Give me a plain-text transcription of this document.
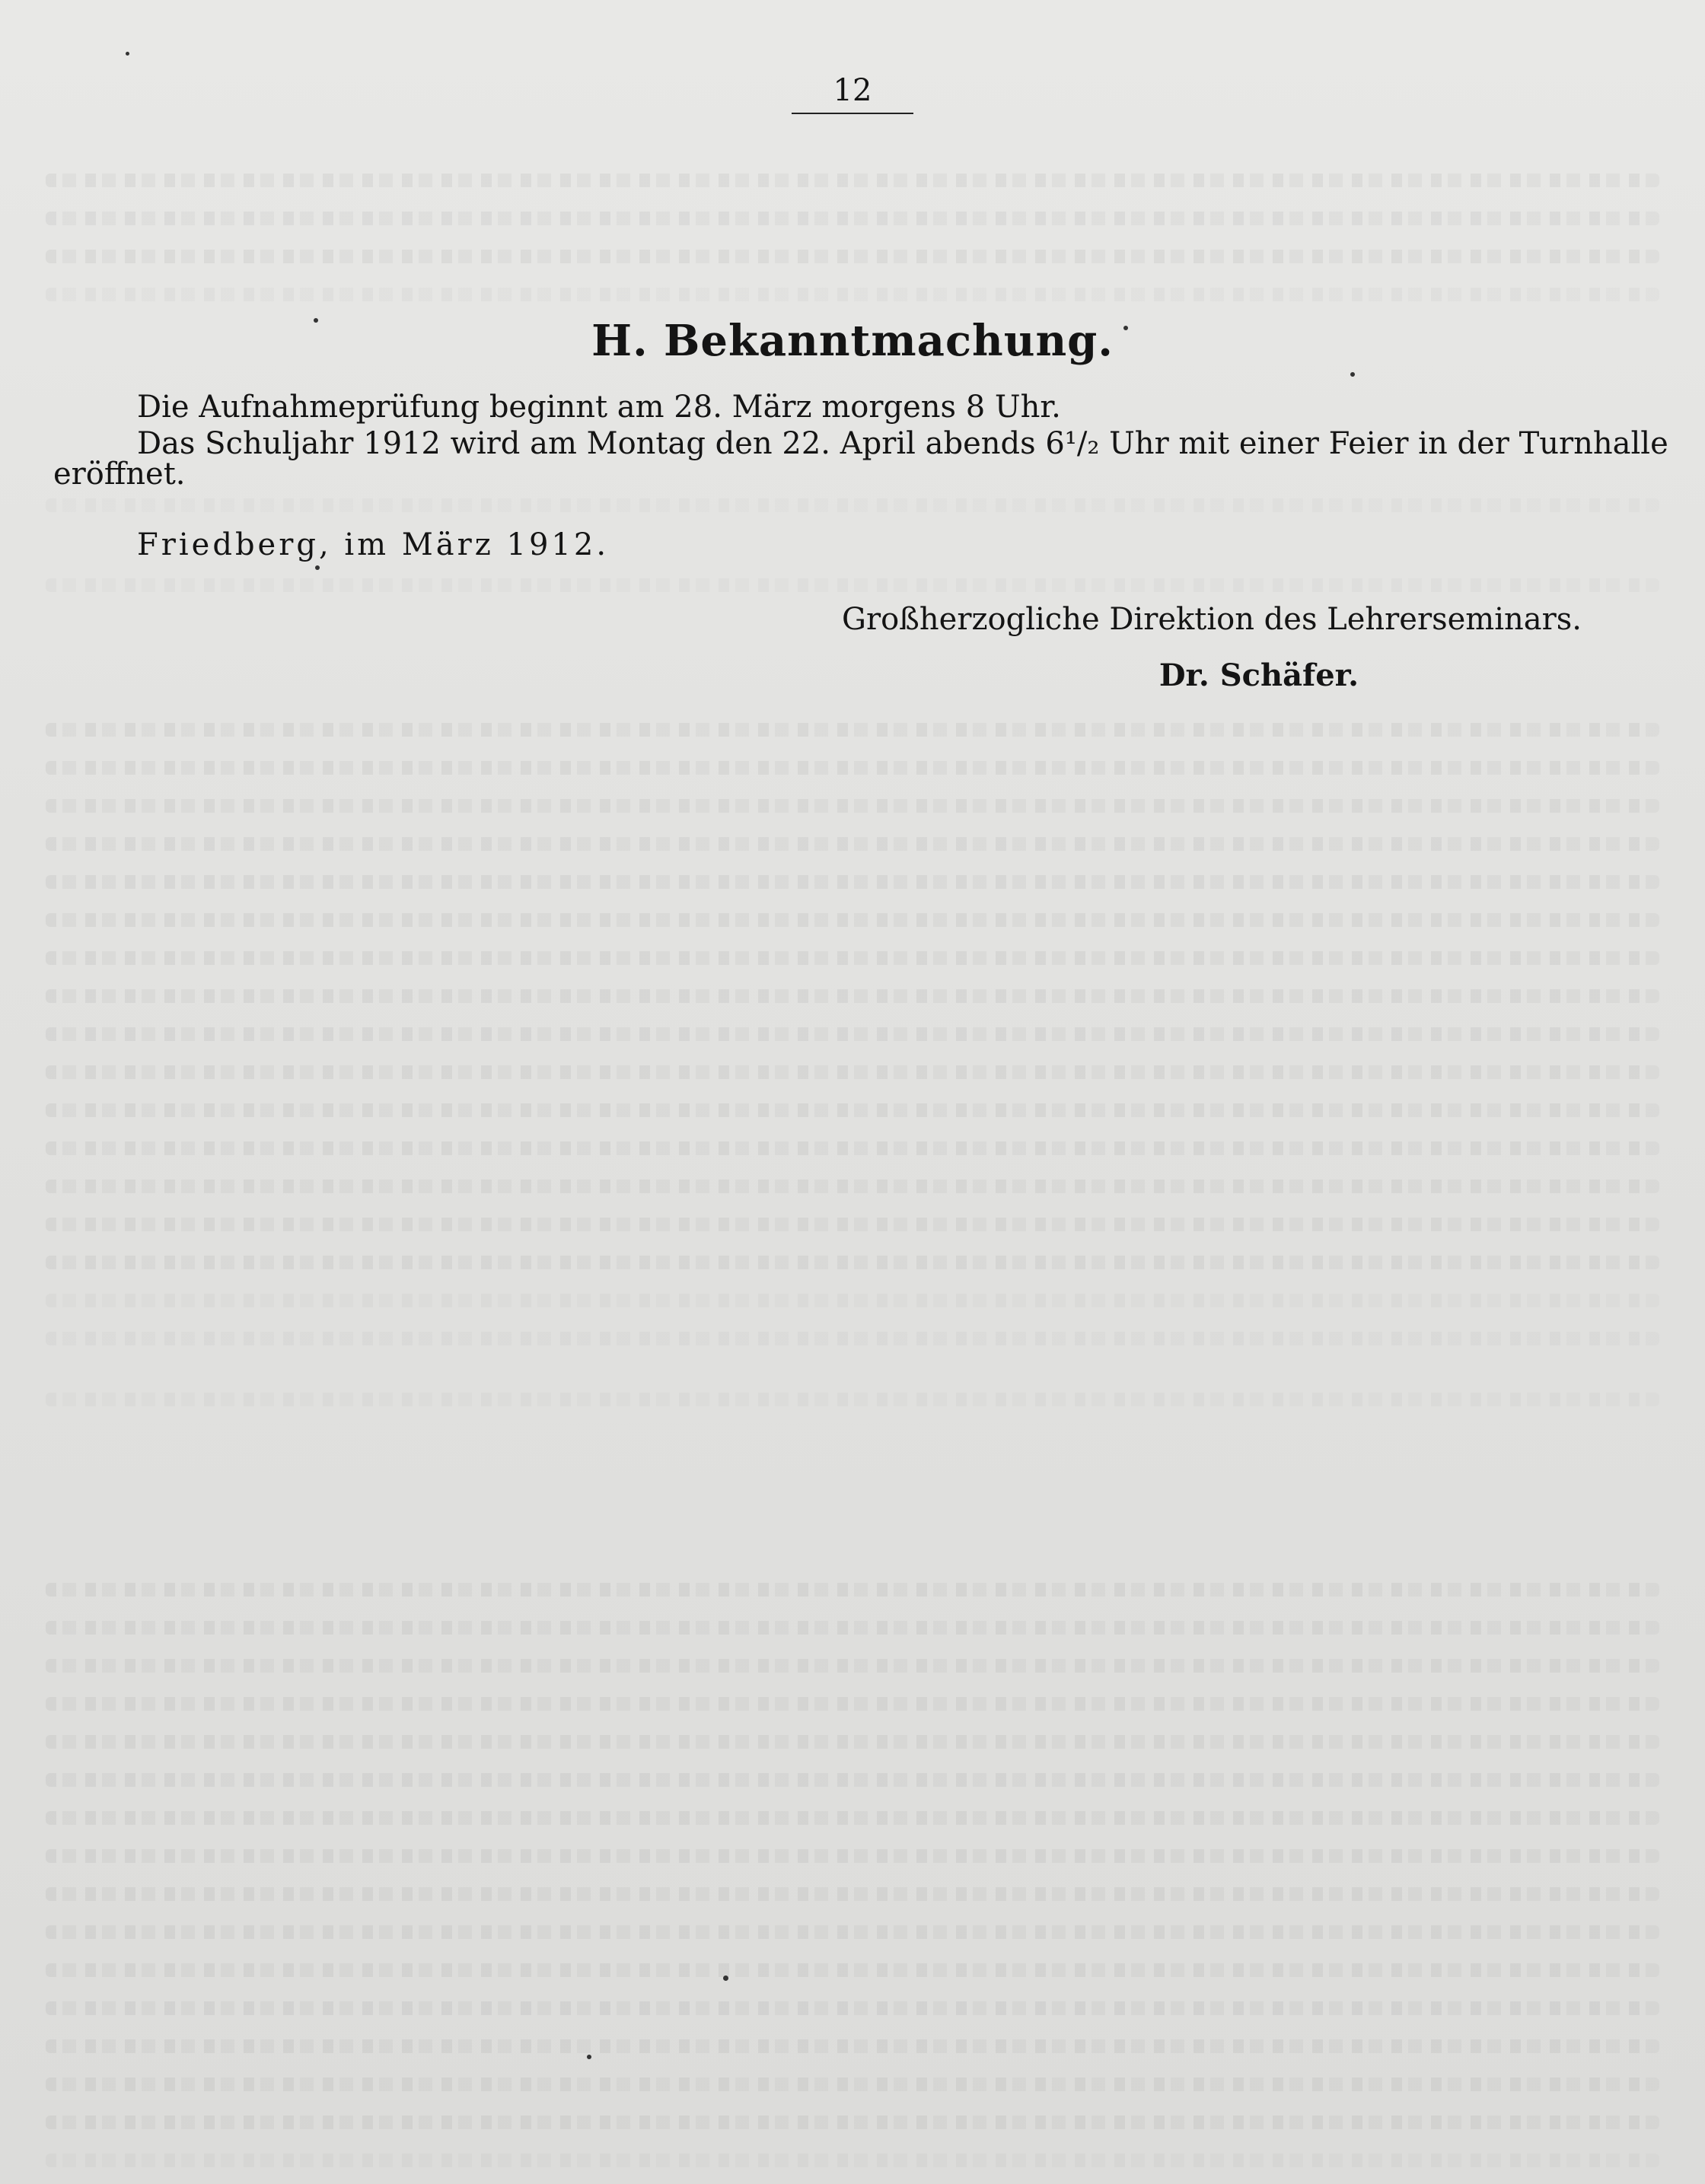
12
H. Bekanntmachung.
Die Aufnahmeprüfung beginnt am 28. März morgens 8 Uhr.
Das Schuljahr 1912 wird am Montag den 22. April abends 6¹/₂ Uhr mit einer Feier in der Turnhalle
eröffnet.
Friedberg, im März 1912.
Großherzogliche Direktion des Lehrerseminars.
Dr. Schäfer.
